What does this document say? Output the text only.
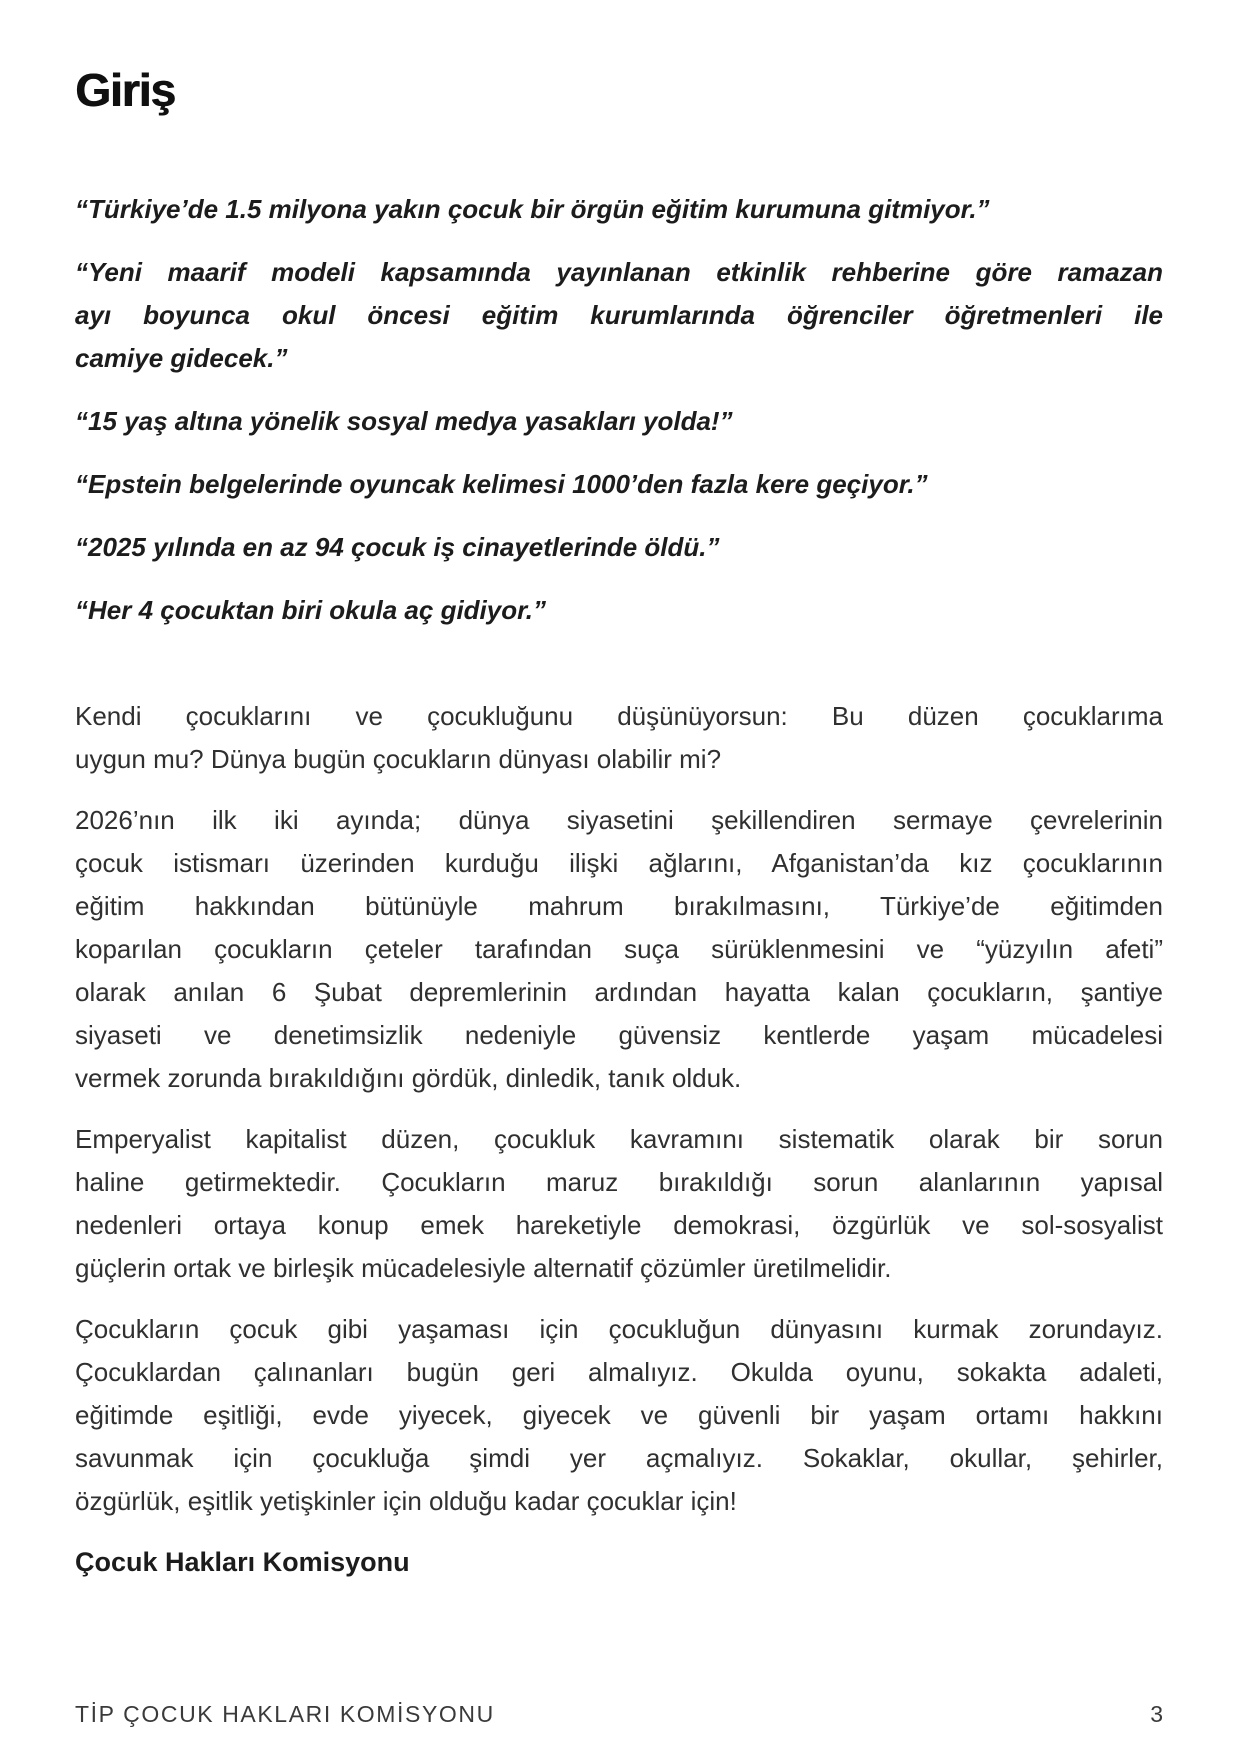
Giriş
“Türkiye’de 1.5 milyona yakın çocuk bir örgün eğitim kurumuna gitmiyor.”
“Yeni maarif modeli kapsamında yayınlanan etkinlik rehberine göre ramazan
ayı boyunca okul öncesi eğitim kurumlarında öğrenciler öğretmenleri ile
camiye gidecek.”
“15 yaş altına yönelik sosyal medya yasakları yolda!”
“Epstein belgelerinde oyuncak kelimesi 1000’den fazla kere geçiyor.”
“2025 yılında en az 94 çocuk iş cinayetlerinde öldü.”
“Her 4 çocuktan biri okula aç gidiyor.”
Kendi çocuklarını ve çocukluğunu düşünüyorsun: Bu düzen çocuklarıma
uygun mu? Dünya bugün çocukların dünyası olabilir mi?
2026’nın ilk iki ayında; dünya siyasetini şekillendiren sermaye çevrelerinin
çocuk istismarı üzerinden kurduğu ilişki ağlarını, Afganistan’da kız çocuklarının
eğitim hakkından bütünüyle mahrum bırakılmasını, Türkiye’de eğitimden
koparılan çocukların çeteler tarafından suça sürüklenmesini ve “yüzyılın afeti”
olarak anılan 6 Şubat depremlerinin ardından hayatta kalan çocukların, şantiye
siyaseti ve denetimsizlik nedeniyle güvensiz kentlerde yaşam mücadelesi
vermek zorunda bırakıldığını gördük, dinledik, tanık olduk.
Emperyalist kapitalist düzen, çocukluk kavramını sistematik olarak bir sorun
haline getirmektedir. Çocukların maruz bırakıldığı sorun alanlarının yapısal
nedenleri ortaya konup emek hareketiyle demokrasi, özgürlük ve sol-sosyalist
güçlerin ortak ve birleşik mücadelesiyle alternatif çözümler üretilmelidir.
Çocukların çocuk gibi yaşaması için çocukluğun dünyasını kurmak zorundayız.
Çocuklardan çalınanları bugün geri almalıyız. Okulda oyunu, sokakta adaleti,
eğitimde eşitliği, evde yiyecek, giyecek ve güvenli bir yaşam ortamı hakkını
savunmak için çocukluğa şimdi yer açmalıyız. Sokaklar, okullar, şehirler,
özgürlük, eşitlik yetişkinler için olduğu kadar çocuklar için!

Çocuk Hakları Komisyonu

TİP ÇOCUK HAKLARI KOMİSYONU	3
